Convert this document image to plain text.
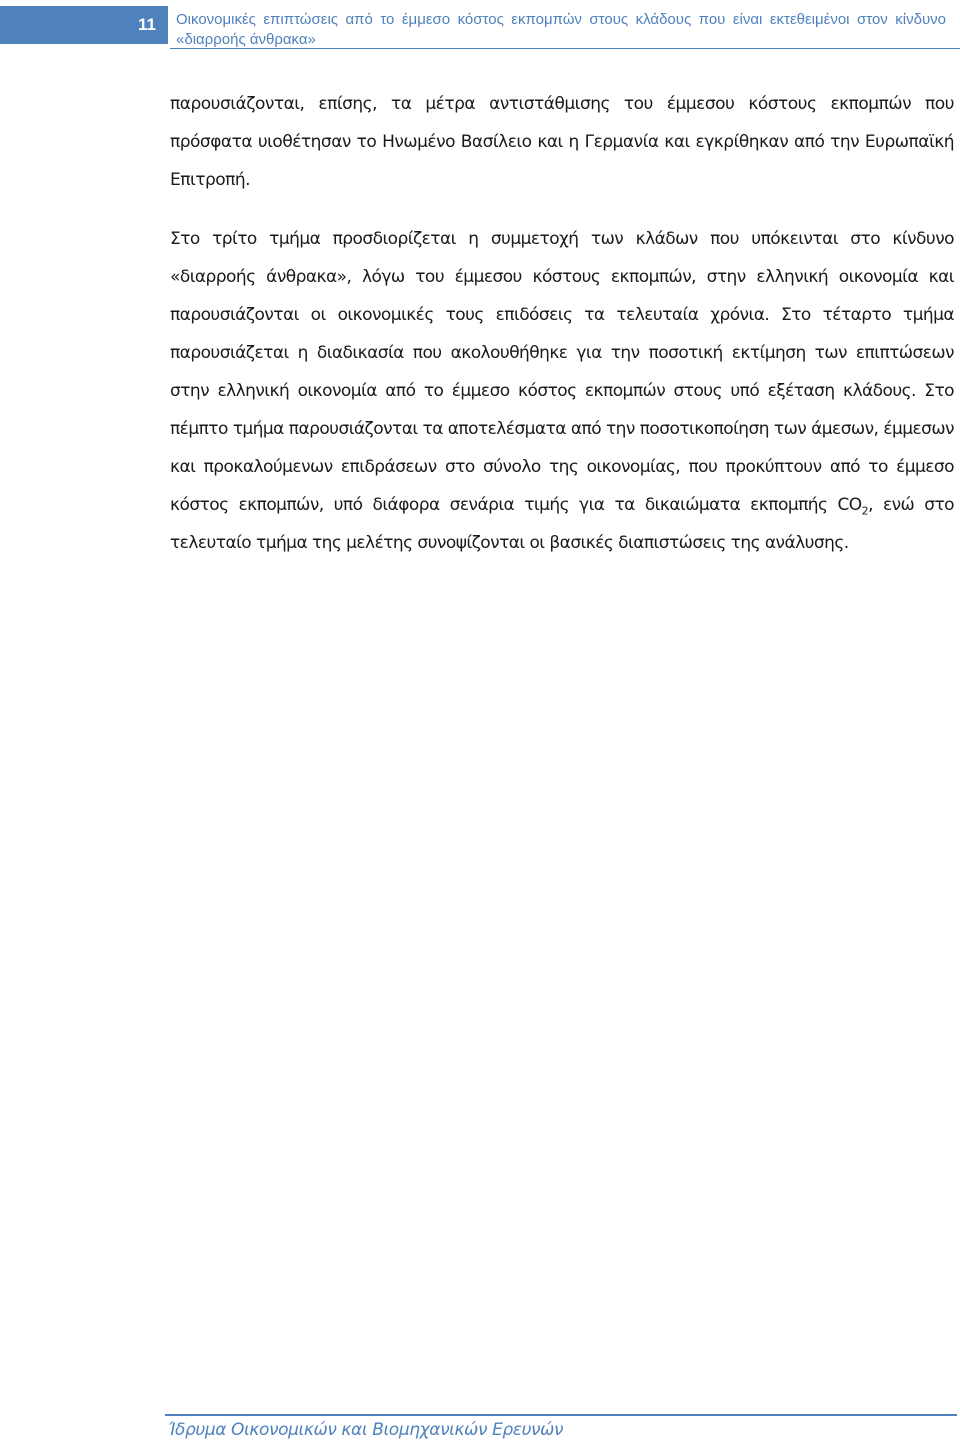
11	Οικονομικές επιπτώσεις από το έμμεσο κόστος εκπομπών στους κλάδους που είναι εκτεθειμένοι στον κίνδυνο «διαρροής άνθρακα»

παρουσιάζονται, επίσης, τα μέτρα αντιστάθμισης του έμμεσου κόστους εκπομπών που πρόσφατα υιοθέτησαν το Ηνωμένο Βασίλειο και η Γερμανία και εγκρίθηκαν από την Ευρωπαϊκή Επιτροπή.

Στο τρίτο τμήμα προσδιορίζεται η συμμετοχή των κλάδων που υπόκεινται στο κίνδυνο «διαρροής άνθρακα», λόγω του έμμεσου κόστους εκπομπών, στην ελληνική οικονομία και παρουσιάζονται οι οικονομικές τους επιδόσεις τα τελευταία χρόνια. Στο τέταρτο τμήμα παρουσιάζεται η διαδικασία που ακολουθήθηκε για την ποσοτική εκτίμηση των επιπτώσεων στην ελληνική οικονομία από το έμμεσο κόστος εκπομπών στους υπό εξέταση κλάδους. Στο πέμπτο τμήμα παρουσιάζονται τα αποτελέσματα από την ποσοτικοποίηση των άμεσων, έμμεσων και προκαλούμενων επιδράσεων στο σύνολο της οικονομίας, που προκύπτουν από το έμμεσο κόστος εκπομπών, υπό διάφορα σενάρια τιμής για τα δικαιώματα εκπομπής $CO_2$, ενώ στο τελευταίο τμήμα της μελέτης συνοψίζονται οι βασικές διαπιστώσεις της ανάλυσης.

Ίδρυμα Οικονομικών και Βιομηχανικών Ερευνών
